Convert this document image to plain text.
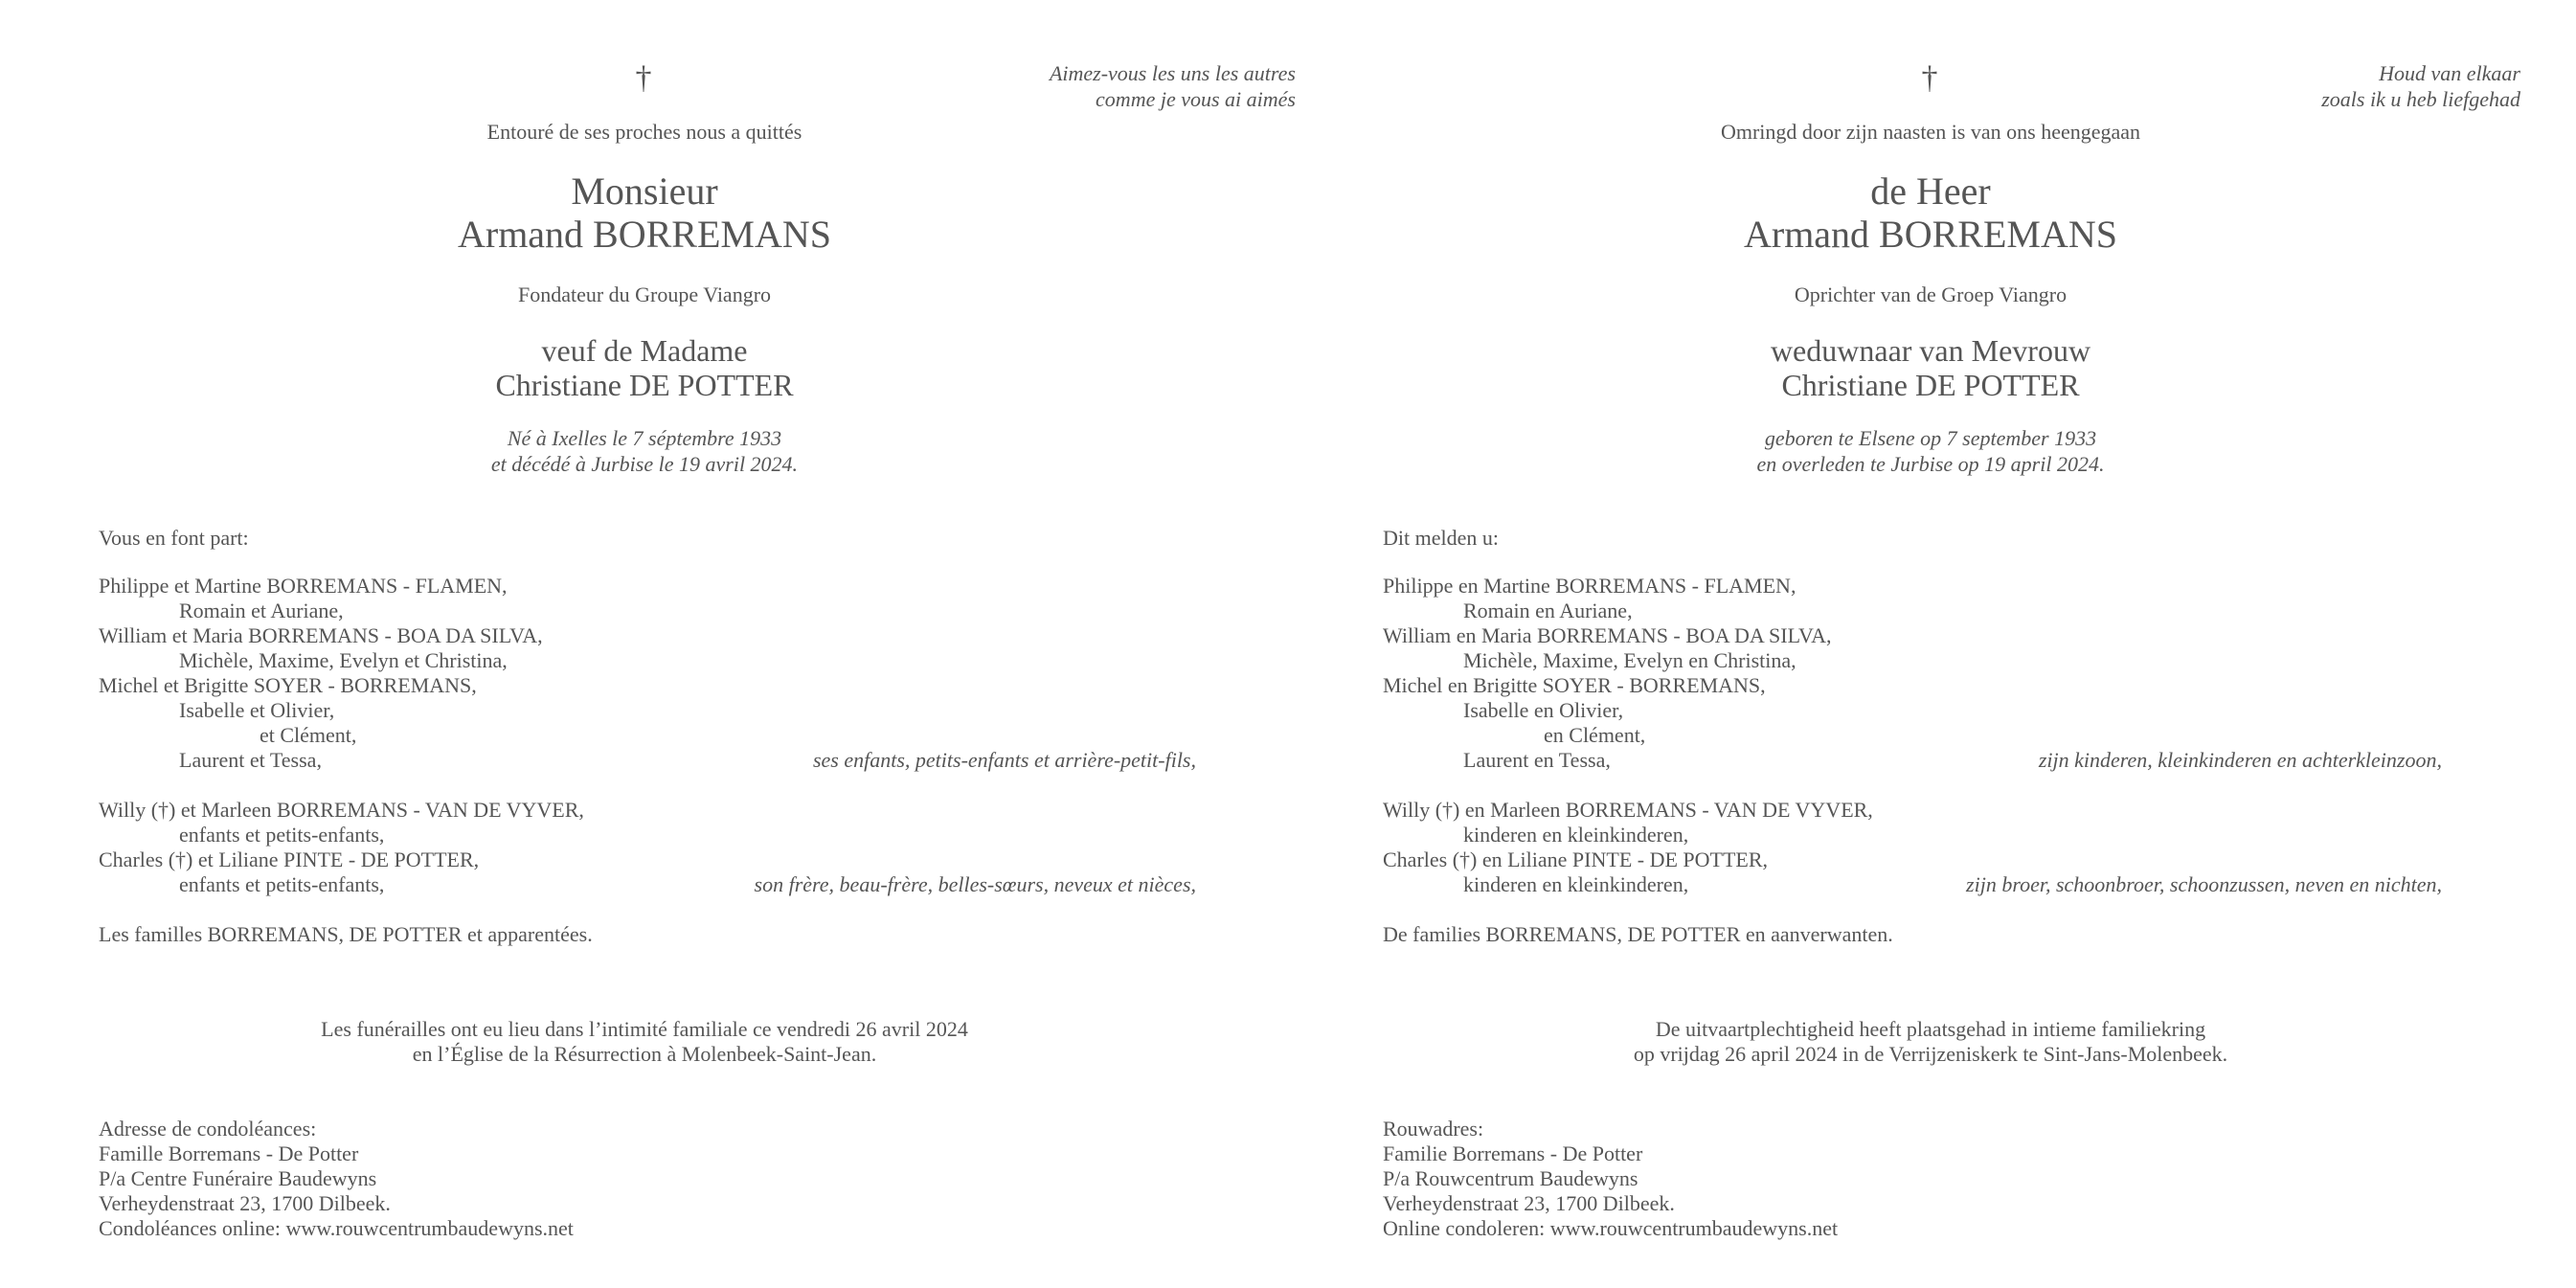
†	Aimez-vous les uns les autres
comme je vous ai aimés
Entouré de ses proches nous a quittés
Monsieur
Armand BORREMANS
Fondateur du Groupe Viangro
veuf de Madame
Christiane DE POTTER
Né à Ixelles le 7 séptembre 1933
et décédé à Jurbise le 19 avril 2024.
Vous en font part:
Philippe et Martine BORREMANS - FLAMEN,
Romain et Auriane,
William et Maria BORREMANS - BOA DA SILVA,
Michèle, Maxime, Evelyn et Christina,
Michel et Brigitte SOYER - BORREMANS,
Isabelle et Olivier,
et Clément,
Laurent et Tessa,	ses enfants, petits-enfants et arrière-petit-fils,
Willy (†) et Marleen BORREMANS - VAN DE VYVER,
enfants et petits-enfants,
Charles (†) et Liliane PINTE - DE POTTER,
enfants et petits-enfants,	son frère, beau-frère, belles-sœurs, neveux et nièces,
Les familles BORREMANS, DE POTTER et apparentées.
Les funérailles ont eu lieu dans l’intimité familiale ce vendredi 26 avril 2024
en l’Église de la Résurrection à Molenbeek-Saint-Jean.
Adresse de condoléances:
Famille Borremans - De Potter
P/a Centre Funéraire Baudewyns
Verheydenstraat 23, 1700 Dilbeek.
Condoléances online: www.rouwcentrumbaudewyns.net
†	Houd van elkaar
zoals ik u heb liefgehad
Omringd door zijn naasten is van ons heengegaan
de Heer
Armand BORREMANS
Oprichter van de Groep Viangro
weduwnaar van Mevrouw
Christiane DE POTTER
geboren te Elsene op 7 september 1933
en overleden te Jurbise op 19 april 2024.
Dit melden u:
Philippe en Martine BORREMANS - FLAMEN,
Romain en Auriane,
William en Maria BORREMANS - BOA DA SILVA,
Michèle, Maxime, Evelyn en Christina,
Michel en Brigitte SOYER - BORREMANS,
Isabelle en Olivier,
en Clément,
Laurent en Tessa,	zijn kinderen, kleinkinderen en achterkleinzoon,
Willy (†) en Marleen BORREMANS - VAN DE VYVER,
kinderen en kleinkinderen,
Charles (†) en Liliane PINTE - DE POTTER,
kinderen en kleinkinderen,	zijn broer, schoonbroer, schoonzussen, neven en nichten,
De families BORREMANS, DE POTTER en aanverwanten.
De uitvaartplechtigheid heeft plaatsgehad in intieme familiekring
op vrijdag 26 april 2024 in de Verrijzeniskerk te Sint-Jans-Molenbeek.
Rouwadres:
Familie Borremans - De Potter
P/a Rouwcentrum Baudewyns
Verheydenstraat 23, 1700 Dilbeek.
Online condoleren: www.rouwcentrumbaudewyns.net
